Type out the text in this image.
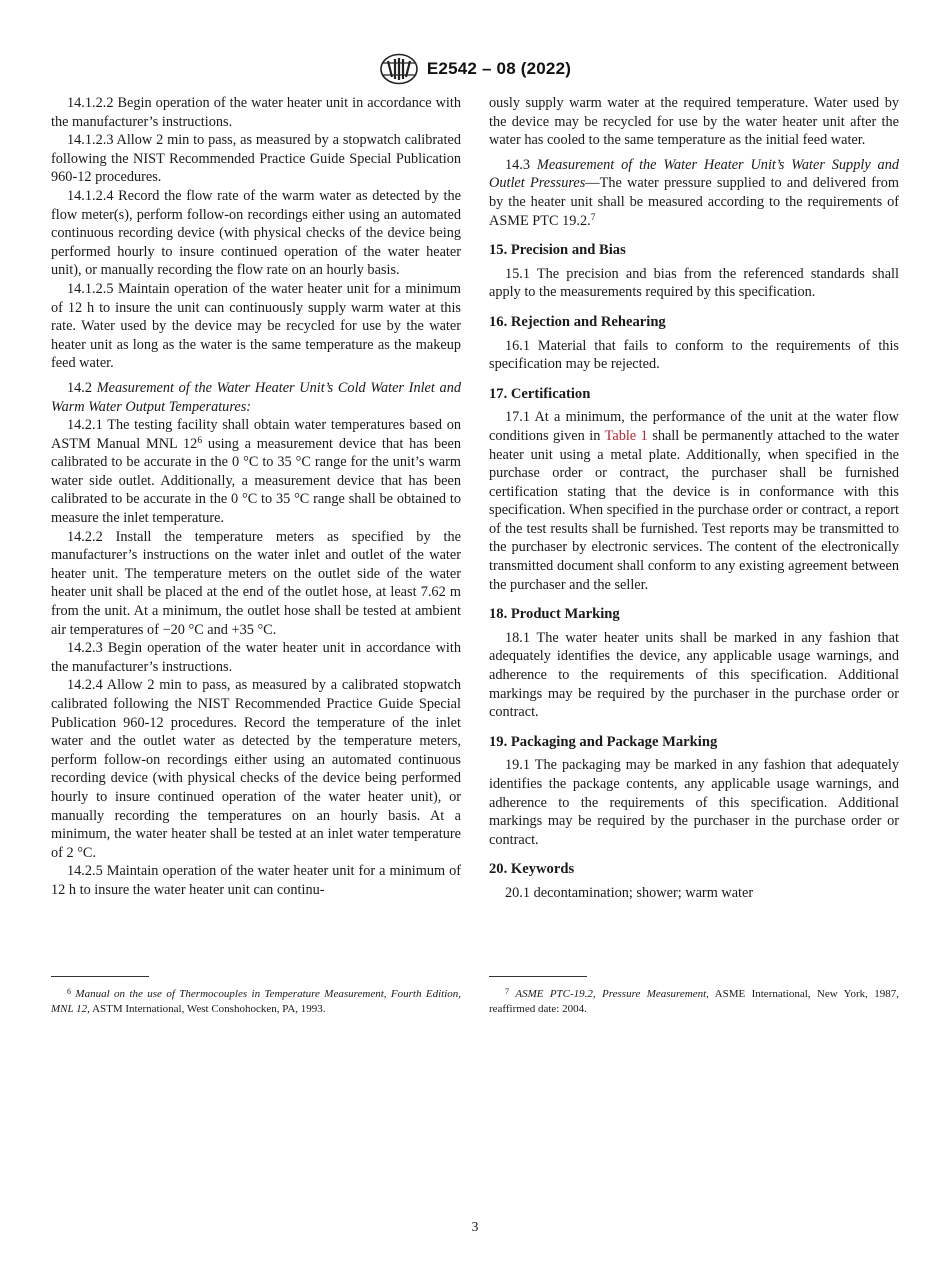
E2542 – 08 (2022)

14.1.2.2 Begin operation of the water heater unit in accordance with the manufacturer’s instructions.

14.1.2.3 Allow 2 min to pass, as measured by a stopwatch calibrated following the NIST Recommended Practice Guide Special Publication 960-12 procedures.

14.1.2.4 Record the flow rate of the warm water as detected by the flow meter(s), perform follow-on recordings either using an automated continuous recording device (with physical checks of the device being performed hourly to insure continued operation of the water heater unit), or manually recording the flow rate on an hourly basis.

14.1.2.5 Maintain operation of the water heater unit for a minimum of 12 h to insure the unit can continuously supply warm water at this rate. Water used by the device may be recycled for use by the water heater unit as long as the water is the same temperature as the makeup feed water.

14.2 Measurement of the Water Heater Unit’s Cold Water Inlet and Warm Water Output Temperatures:

14.2.1 The testing facility shall obtain water temperatures based on ASTM Manual MNL $12^6$ using a measurement device that has been calibrated to be accurate in the 0 °C to 35 °C range for the unit’s warm water side outlet. Additionally, a measurement device that has been calibrated to be accurate in the 0 °C to 35 °C range shall be obtained to measure the inlet temperature.

14.2.2 Install the temperature meters as specified by the manufacturer’s instructions on the water inlet and outlet of the water heater unit. The temperature meters on the outlet side of the water heater unit shall be placed at the end of the outlet hose, at least 7.62 m from the unit. At a minimum, the outlet hose shall be tested at ambient air temperatures of −20 °C and +35 °C.

14.2.3 Begin operation of the water heater unit in accordance with the manufacturer’s instructions.

14.2.4 Allow 2 min to pass, as measured by a calibrated stopwatch calibrated following the NIST Recommended Practice Guide Special Publication 960-12 procedures. Record the temperature of the inlet water and the outlet water as detected by the temperature meters, perform follow-on recordings either using an automated continuous recording device (with physical checks of the device being performed hourly to insure continued operation of the water heater unit), or manually recording the temperatures on an hourly basis. At a minimum, the water heater shall be tested at an inlet water temperature of 2 °C.

14.2.5 Maintain operation of the water heater unit for a minimum of 12 h to insure the water heater unit can continu-

ously supply warm water at the required temperature. Water used by the device may be recycled for use by the water heater unit after the water has cooled to the same temperature as the initial feed water.

14.3 Measurement of the Water Heater Unit’s Water Supply and Outlet Pressures—The water pressure supplied to and delivered from by the heater unit shall be measured according to the requirements of ASME PTC 19.2.$^7$

15. Precision and Bias

15.1 The precision and bias from the referenced standards shall apply to the measurements required by this specification.

16. Rejection and Rehearing

16.1 Material that fails to conform to the requirements of this specification may be rejected.

17. Certification

17.1 At a minimum, the performance of the unit at the water flow conditions given in Table 1 shall be permanently attached to the water heater unit using a metal plate. Additionally, when specified in the purchase order or contract, the purchaser shall be furnished certification stating that the device is in conformance with this specification. When specified in the purchase order or contract, a report of the test results shall be furnished. Test reports may be transmitted to the purchaser by electronic services. The content of the electronically transmitted document shall conform to any existing agreement between the purchaser and the seller.

18. Product Marking

18.1 The water heater units shall be marked in any fashion that adequately identifies the device, any applicable usage warnings, and adherence to the requirements of this specification. Additional markings may be required by the purchaser in the purchase order or contract.

19. Packaging and Package Marking

19.1 The packaging may be marked in any fashion that adequately identifies the package contents, any applicable usage warnings, and adherence to the requirements of this specification. Additional markings may be required by the purchaser in the purchase order or contract.

20. Keywords

20.1 decontamination; shower; warm water

$^6$ Manual on the use of Thermocouples in Temperature Measurement, Fourth Edition, MNL 12, ASTM International, West Conshohocken, PA, 1993.
$^7$ ASME PTC-19.2, Pressure Measurement, ASME International, New York, 1987, reaffirmed date: 2004.
3
